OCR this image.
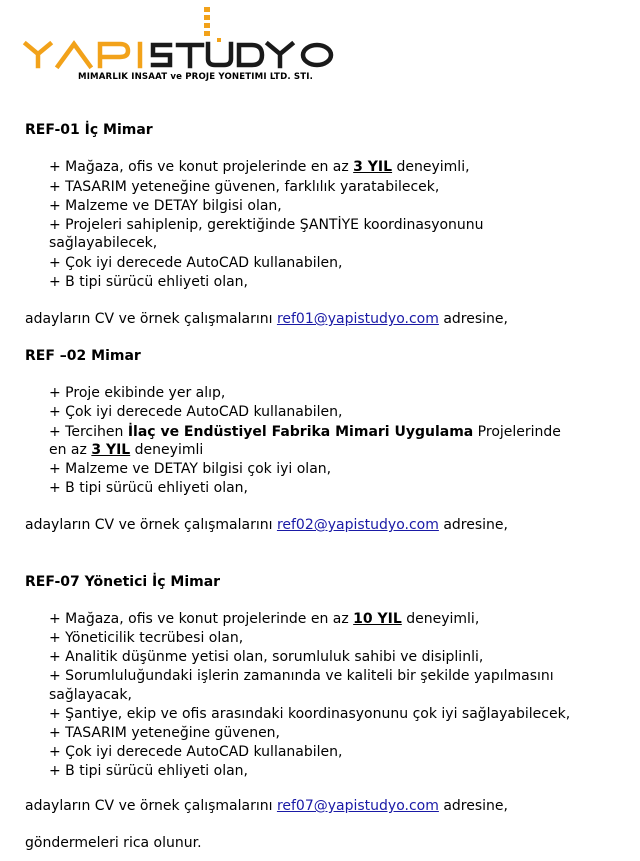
MIMARLIK INSAAT ve PROJE YONETIMI LTD. STI.
REF-01 İç Mimar
+ Mağaza, ofis ve konut projelerinde en az 3 YIL deneyimli,
+ TASARIM yeteneğine güvenen, farklılık yaratabilecek,
+ Malzeme ve DETAY bilgisi olan,
+ Projeleri sahiplenip, gerektiğinde ŞANTİYE koordinasyonunu
sağlayabilecek,
+ Çok iyi derecede AutoCAD kullanabilen,
+ B tipi sürücü ehliyeti olan,
adayların CV ve örnek çalışmalarını ref01@yapistudyo.com adresine,
REF –02 Mimar
+ Proje ekibinde yer alıp,
+ Çok iyi derecede AutoCAD kullanabilen,
+ Tercihen İlaç ve Endüstiyel Fabrika Mimari Uygulama Projelerinde
en az 3 YIL deneyimli
+ Malzeme ve DETAY bilgisi çok iyi olan,
+ B tipi sürücü ehliyeti olan,
adayların CV ve örnek çalışmalarını ref02@yapistudyo.com adresine,
REF-07 Yönetici İç Mimar
+ Mağaza, ofis ve konut projelerinde en az 10 YIL deneyimli,
+ Yöneticilik tecrübesi olan,
+ Analitik düşünme yetisi olan, sorumluluk sahibi ve disiplinli,
+ Sorumluluğundaki işlerin zamanında ve kaliteli bir şekilde yapılmasını
sağlayacak,
+ Şantiye, ekip ve ofis arasındaki koordinasyonunu çok iyi sağlayabilecek,
+ TASARIM yeteneğine güvenen,
+ Çok iyi derecede AutoCAD kullanabilen,
+ B tipi sürücü ehliyeti olan,
adayların CV ve örnek çalışmalarını ref07@yapistudyo.com adresine,
göndermeleri rica olunur.
